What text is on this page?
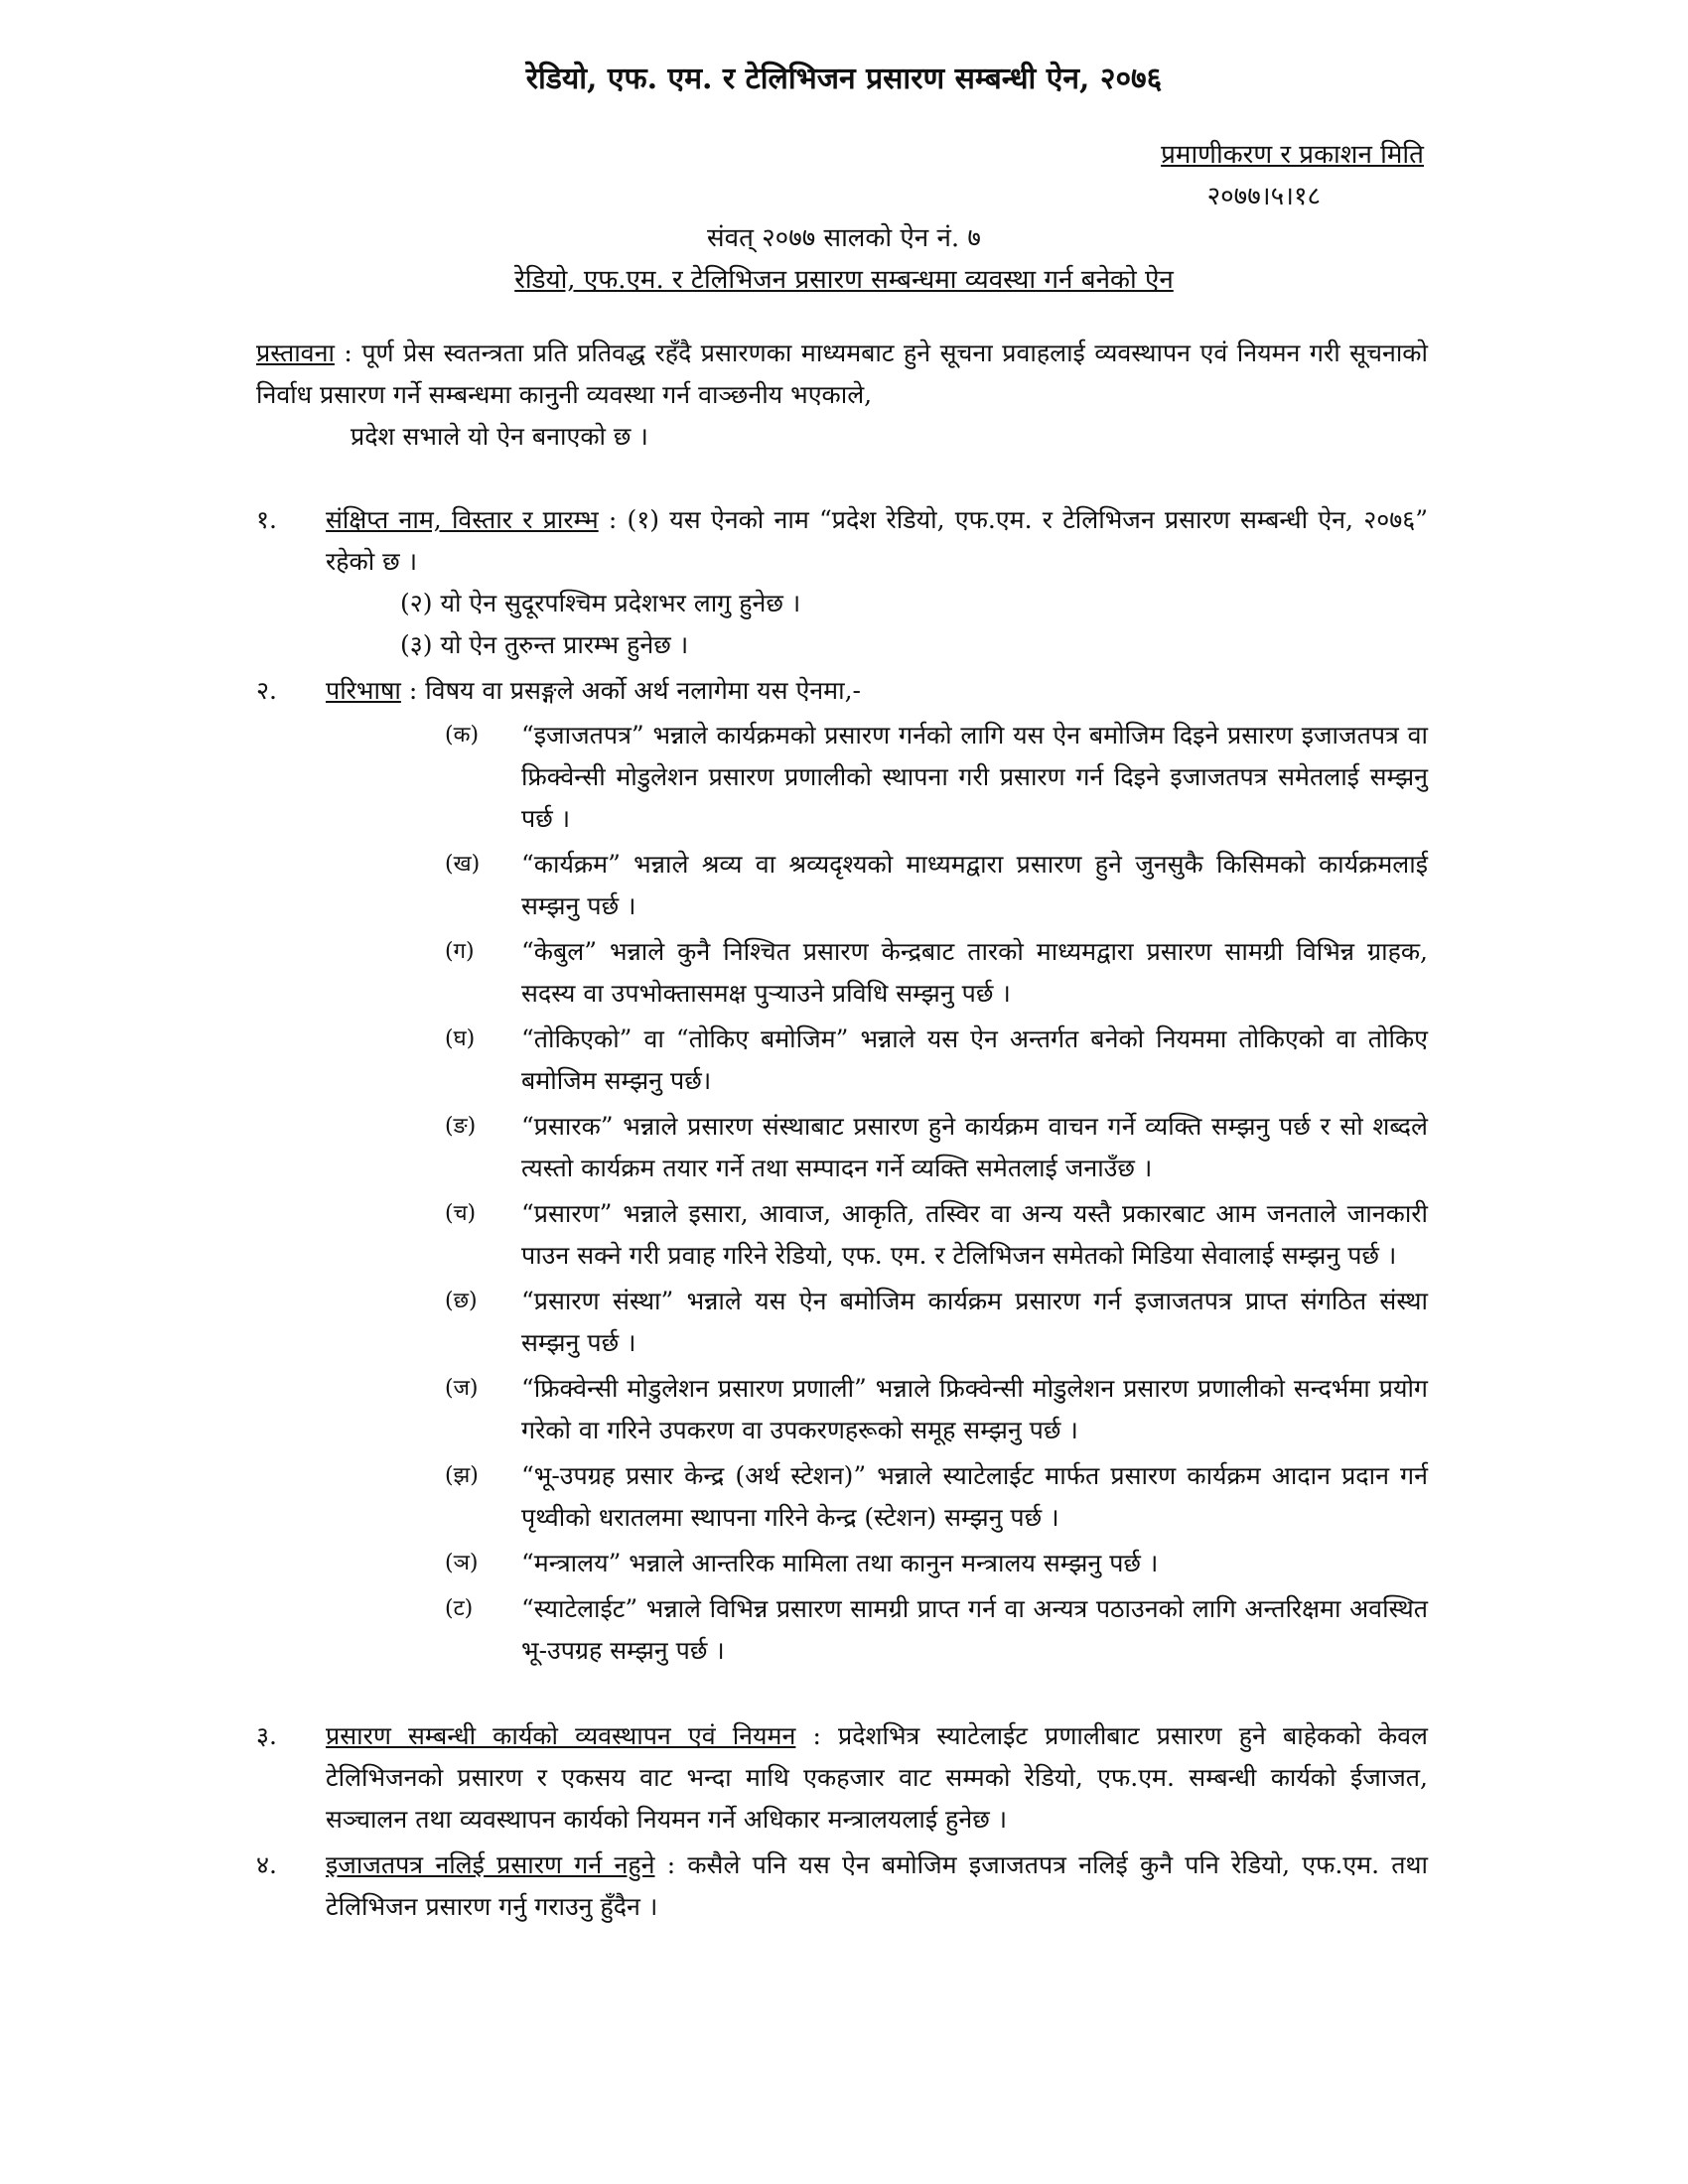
रेडियो, एफ. एम. र टेलिभिजन प्रसारण सम्बन्धी ऐन, २०७६
प्रमाणीकरण र प्रकाशन मिति
२०७७।५।१८
संवत् २०७७ सालको ऐन नं. ७
रेडियो, एफ.एम. र टेलिभिजन प्रसारण सम्बन्धमा व्यवस्था गर्न बनेको ऐन
प्रस्तावना : पूर्ण प्रेस स्वतन्त्रता प्रति प्रतिवद्ध रहँदै प्रसारणका माध्यमबाट हुने सूचना प्रवाहलाई व्यवस्थापन एवं नियमन गरी सूचनाको निर्वाध प्रसारण गर्ने सम्बन्धमा कानुनी व्यवस्था गर्न वाञ्छनीय भएकाले,
प्रदेश सभाले यो ऐन बनाएको छ ।
१.	संक्षिप्त नाम, विस्तार र प्रारम्भ : (१) यस ऐनको नाम “प्रदेश रेडियो, एफ.एम. र टेलिभिजन प्रसारण सम्बन्धी ऐन, २०७६” रहेको छ ।
(२) यो ऐन सुदूरपश्चिम प्रदेशभर लागु हुनेछ ।
(३) यो ऐन तुरुन्त प्रारम्भ हुनेछ ।
२.	परिभाषा : विषय वा प्रसङ्गले अर्को अर्थ नलागेमा यस ऐनमा,-
(क) “इजाजतपत्र” भन्नाले कार्यक्रमको प्रसारण गर्नको लागि यस ऐन बमोजिम दिइने प्रसारण इजाजतपत्र वा फ्रिक्वेन्सी मोडुलेशन प्रसारण प्रणालीको स्थापना गरी प्रसारण गर्न दिइने इजाजतपत्र समेतलाई सम्झनु पर्छ ।
(ख) “कार्यक्रम” भन्नाले श्रव्य वा श्रव्यदृश्यको माध्यमद्वारा प्रसारण हुने जुनसुकै किसिमको कार्यक्रमलाई सम्झनु पर्छ ।
(ग) “केबुल” भन्नाले कुनै निश्चित प्रसारण केन्द्रबाट तारको माध्यमद्वारा प्रसारण सामग्री विभिन्न ग्राहक, सदस्य वा उपभोक्तासमक्ष पुऱ्याउने प्रविधि सम्झनु पर्छ ।
(घ) “तोकिएको” वा “तोकिए बमोजिम” भन्नाले यस ऐन अन्तर्गत बनेको नियममा तोकिएको वा तोकिए बमोजिम सम्झनु पर्छ।
(ङ) “प्रसारक” भन्नाले प्रसारण संस्थाबाट प्रसारण हुने कार्यक्रम वाचन गर्ने व्यक्ति सम्झनु पर्छ र सो शब्दले त्यस्तो कार्यक्रम तयार गर्ने तथा सम्पादन गर्ने व्यक्ति समेतलाई जनाउँछ ।
(च) “प्रसारण” भन्नाले इसारा, आवाज, आकृति, तस्विर वा अन्य यस्तै प्रकारबाट आम जनताले जानकारी पाउन सक्ने गरी प्रवाह गरिने रेडियो, एफ. एम. र टेलिभिजन समेतको मिडिया सेवालाई सम्झनु पर्छ ।
(छ) “प्रसारण संस्था” भन्नाले यस ऐन बमोजिम कार्यक्रम प्रसारण गर्न इजाजतपत्र प्राप्त संगठित संस्था सम्झनु पर्छ ।
(ज) “फ्रिक्वेन्सी मोडुलेशन प्रसारण प्रणाली” भन्नाले फ्रिक्वेन्सी मोडुलेशन प्रसारण प्रणालीको सन्दर्भमा प्रयोग गरेको वा गरिने उपकरण वा उपकरणहरूको समूह सम्झनु पर्छ ।
(झ) “भू-उपग्रह प्रसार केन्द्र (अर्थ स्टेशन)” भन्नाले स्याटेलाईट मार्फत प्रसारण कार्यक्रम आदान प्रदान गर्न पृथ्वीको धरातलमा स्थापना गरिने केन्द्र (स्टेशन) सम्झनु पर्छ ।
(ञ) “मन्त्रालय” भन्नाले आन्तरिक मामिला तथा कानुन मन्त्रालय सम्झनु पर्छ ।
(ट) “स्याटेलाईट” भन्नाले विभिन्न प्रसारण सामग्री प्राप्त गर्न वा अन्यत्र पठाउनको लागि अन्तरिक्षमा अवस्थित भू-उपग्रह सम्झनु पर्छ ।
३.	प्रसारण सम्बन्धी कार्यको व्यवस्थापन एवं नियमन : प्रदेशभित्र स्याटेलाईट प्रणालीबाट प्रसारण हुने बाहेकको केवल टेलिभिजनको प्रसारण र एकसय वाट भन्दा माथि एकहजार वाट सम्मको रेडियो, एफ.एम. सम्बन्धी कार्यको ईजाजत, सञ्चालन तथा व्यवस्थापन कार्यको नियमन गर्ने अधिकार मन्त्रालयलाई हुनेछ ।
४.	इजाजतपत्र नलिई प्रसारण गर्न नहुने : कसैले पनि यस ऐन बमोजिम इजाजतपत्र नलिई कुनै पनि रेडियो, एफ.एम. तथा टेलिभिजन प्रसारण गर्नु गराउनु हुँदैन ।
